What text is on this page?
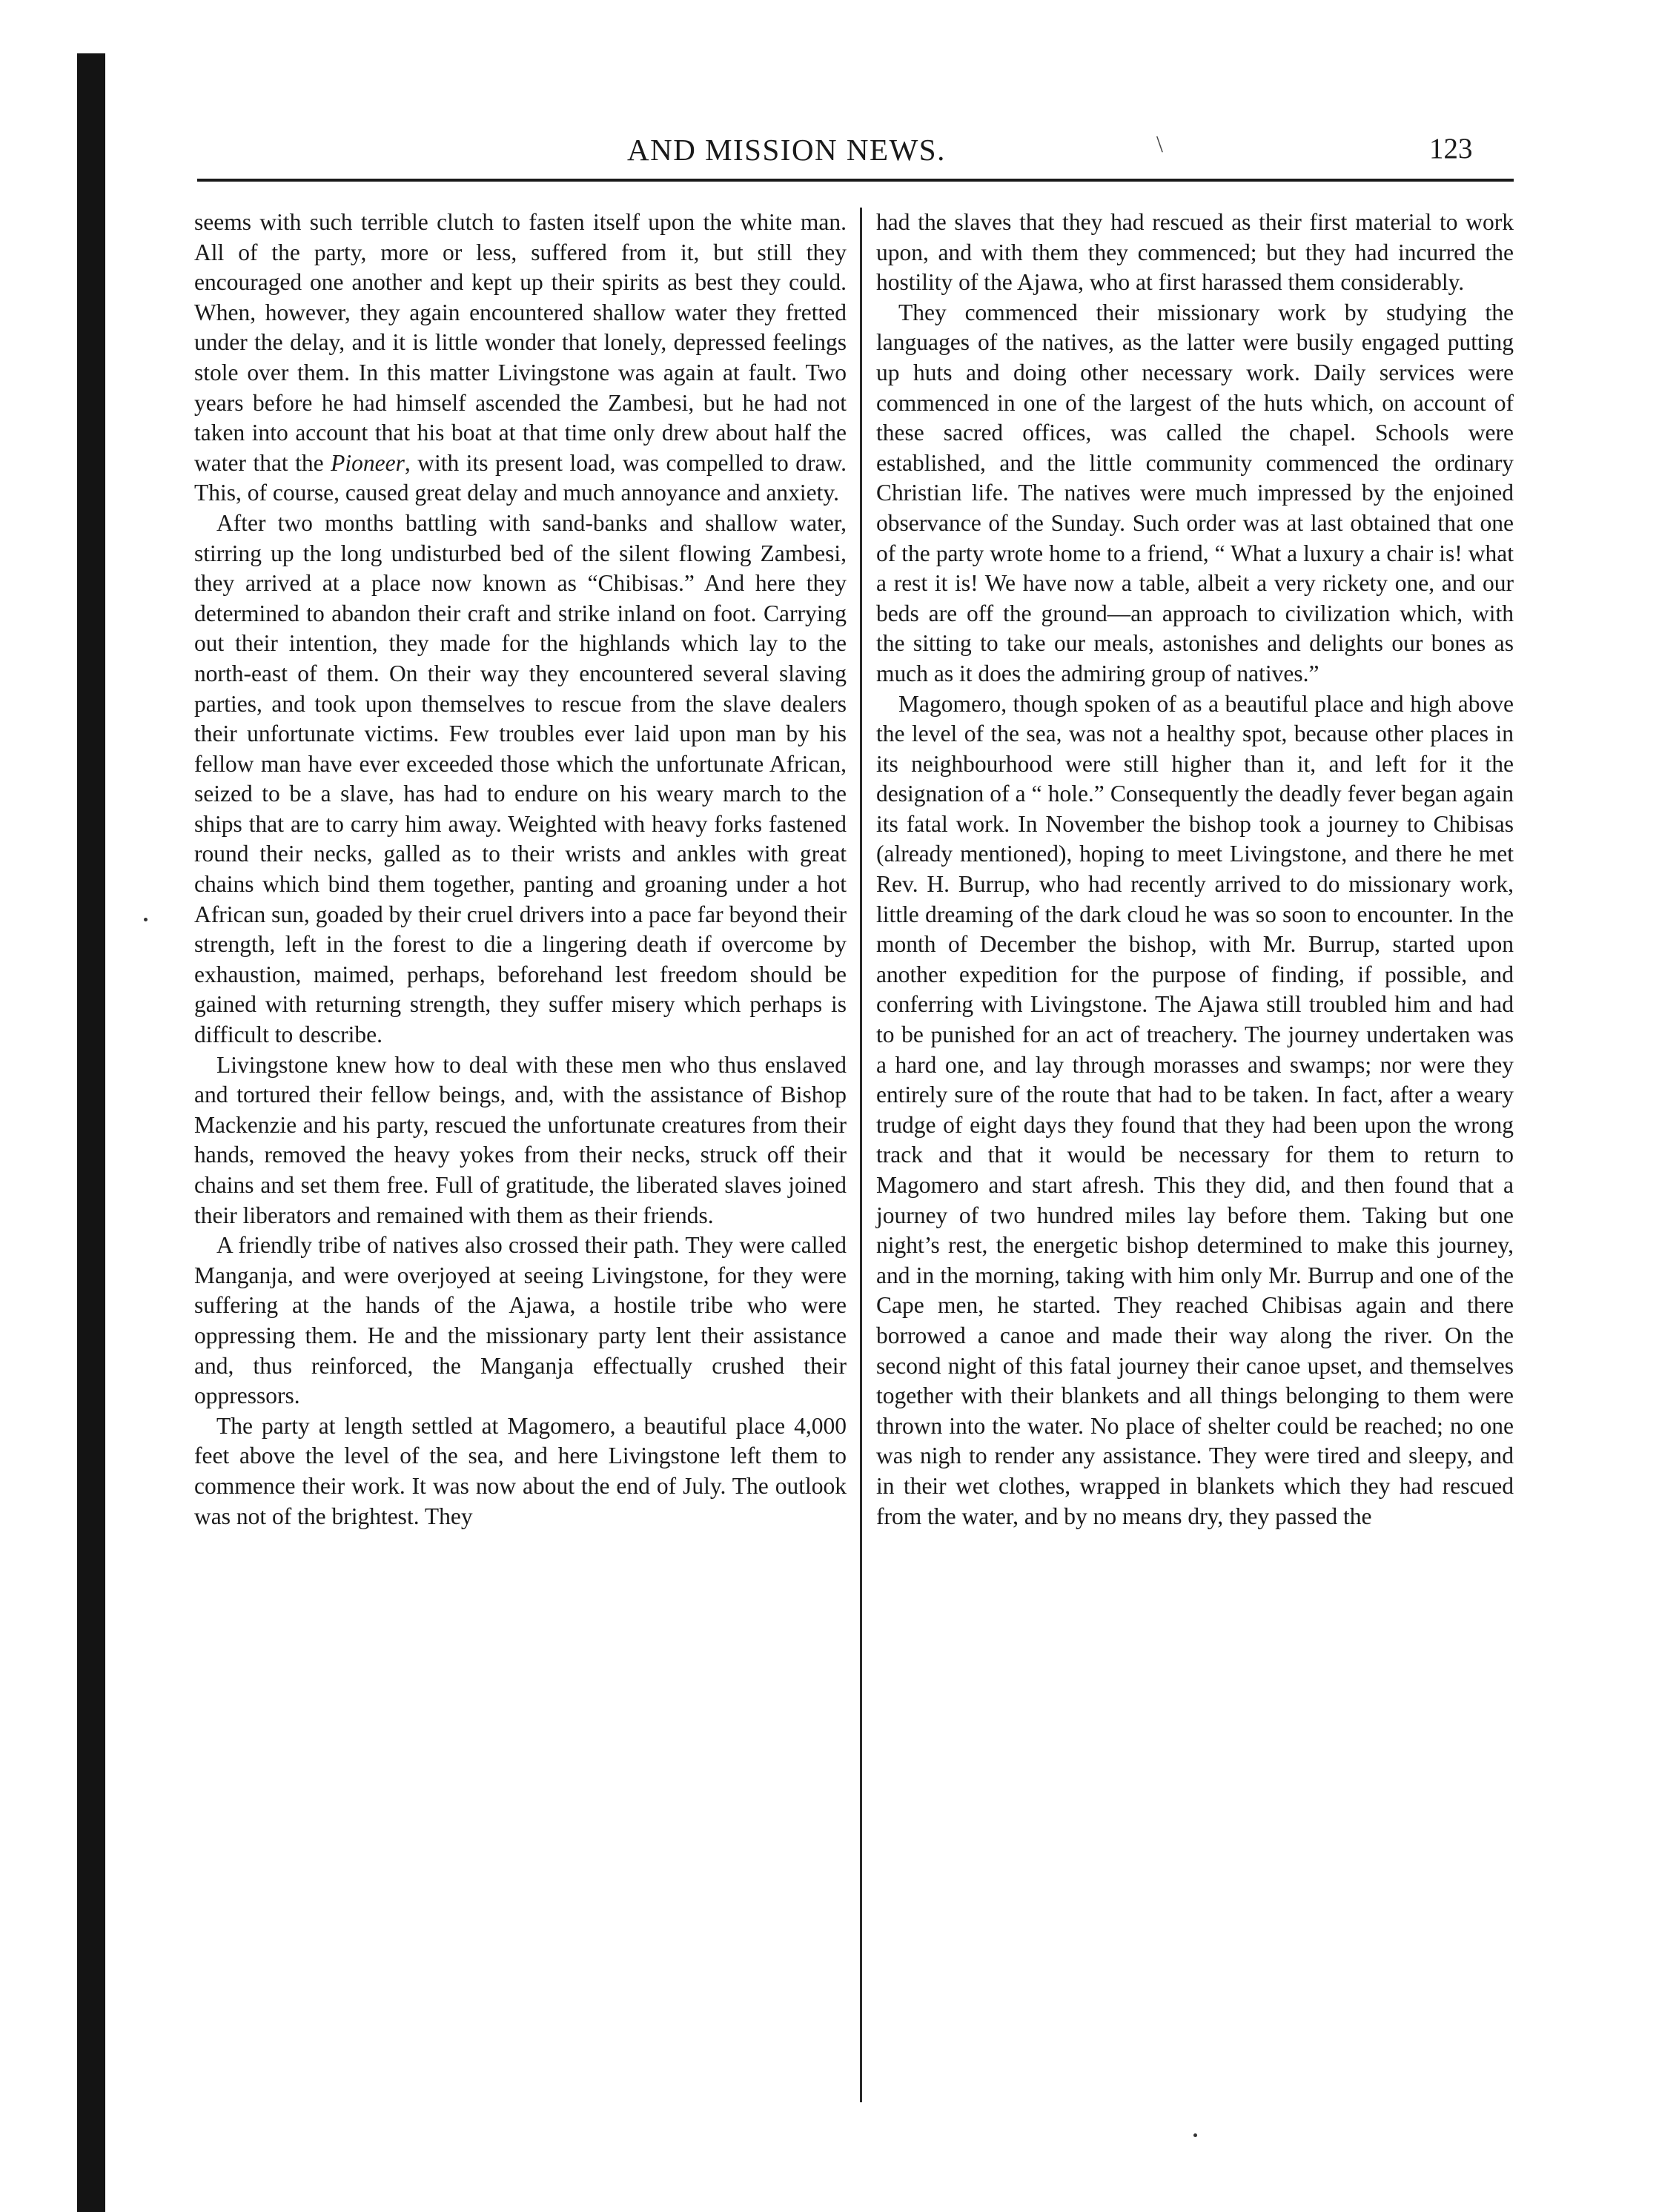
AND MISSION NEWS.	\	123

seems with such terrible clutch to fasten itself upon the white man. All of the party, more or less, suffered from it, but still they encouraged one another and kept up their spirits as best they could. When, however, they again encountered shallow water they fretted under the delay, and it is little wonder that lonely, depressed feelings stole over them. In this matter Livingstone was again at fault. Two years before he had himself ascended the Zambesi, but he had not taken into account that his boat at that time only drew about half the water that the Pioneer, with its present load, was compelled to draw. This, of course, caused great delay and much annoyance and anxiety.

After two months battling with sand-banks and shallow water, stirring up the long undisturbed bed of the silent flowing Zambesi, they arrived at a place now known as “Chibisas.” And here they determined to abandon their craft and strike inland on foot. Carrying out their intention, they made for the highlands which lay to the north-east of them. On their way they encountered several slaving parties, and took upon themselves to rescue from the slave dealers their unfortunate victims. Few troubles ever laid upon man by his fellow man have ever exceeded those which the unfortunate African, seized to be a slave, has had to endure on his weary march to the ships that are to carry him away. Weighted with heavy forks fastened round their necks, galled as to their wrists and ankles with great chains which bind them together, panting and groaning under a hot African sun, goaded by their cruel drivers into a pace far beyond their strength, left in the forest to die a lingering death if overcome by exhaustion, maimed, perhaps, beforehand lest freedom should be gained with returning strength, they suffer misery which perhaps is difficult to describe.

Livingstone knew how to deal with these men who thus enslaved and tortured their fellow beings, and, with the assistance of Bishop Mackenzie and his party, rescued the unfortunate creatures from their hands, removed the heavy yokes from their necks, struck off their chains and set them free. Full of gratitude, the liberated slaves joined their liberators and remained with them as their friends.

A friendly tribe of natives also crossed their path. They were called Manganja, and were overjoyed at seeing Livingstone, for they were suffering at the hands of the Ajawa, a hostile tribe who were oppressing them. He and the missionary party lent their assistance and, thus reinforced, the Manganja effectually crushed their oppressors.

The party at length settled at Magomero, a beautiful place 4,000 feet above the level of the sea, and here Livingstone left them to commence their work. It was now about the end of July. The outlook was not of the brightest. They

had the slaves that they had rescued as their first material to work upon, and with them they commenced; but they had incurred the hostility of the Ajawa, who at first harassed them considerably.

They commenced their missionary work by studying the languages of the natives, as the latter were busily engaged putting up huts and doing other necessary work. Daily services were commenced in one of the largest of the huts which, on account of these sacred offices, was called the chapel. Schools were established, and the little community commenced the ordinary Christian life. The natives were much impressed by the enjoined observance of the Sunday. Such order was at last obtained that one of the party wrote home to a friend, “ What a luxury a chair is! what a rest it is! We have now a table, albeit a very rickety one, and our beds are off the ground—an approach to civilization which, with the sitting to take our meals, astonishes and delights our bones as much as it does the admiring group of natives.”

Magomero, though spoken of as a beautiful place and high above the level of the sea, was not a healthy spot, because other places in its neighbourhood were still higher than it, and left for it the designation of a “ hole.” Consequently the deadly fever began again its fatal work. In November the bishop took a journey to Chibisas (already mentioned), hoping to meet Livingstone, and there he met Rev. H. Burrup, who had recently arrived to do missionary work, little dreaming of the dark cloud he was so soon to encounter. In the month of December the bishop, with Mr. Burrup, started upon another expedition for the purpose of finding, if possible, and conferring with Livingstone. The Ajawa still troubled him and had to be punished for an act of treachery. The journey undertaken was a hard one, and lay through morasses and swamps; nor were they entirely sure of the route that had to be taken. In fact, after a weary trudge of eight days they found that they had been upon the wrong track and that it would be necessary for them to return to Magomero and start afresh. This they did, and then found that a journey of two hundred miles lay before them. Taking but one night’s rest, the energetic bishop determined to make this journey, and in the morning, taking with him only Mr. Burrup and one of the Cape men, he started. They reached Chibisas again and there borrowed a canoe and made their way along the river. On the second night of this fatal journey their canoe upset, and themselves together with their blankets and all things belonging to them were thrown into the water. No place of shelter could be reached; no one was nigh to render any assistance. They were tired and sleepy, and in their wet clothes, wrapped in blankets which they had rescued from the water, and by no means dry, they passed the
